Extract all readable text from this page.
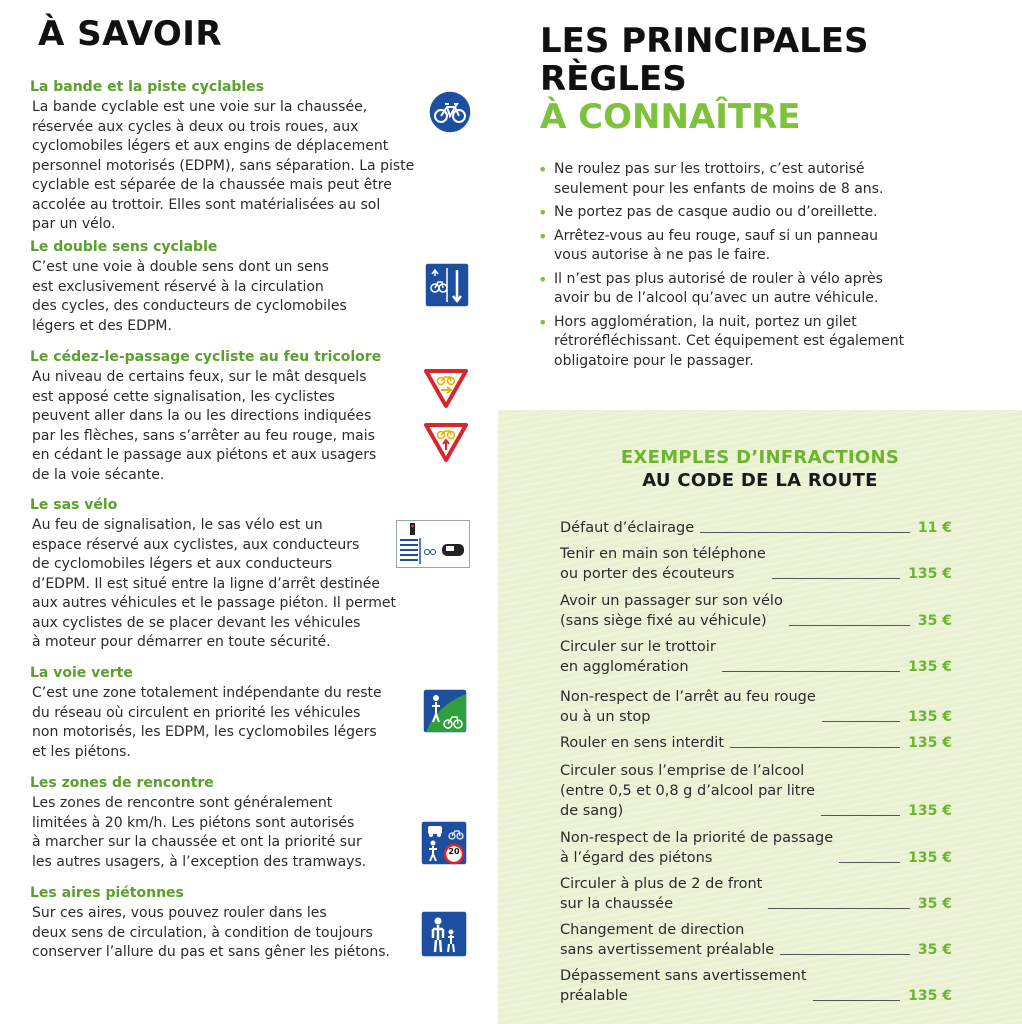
À SAVOIR
La bande et la piste cyclables
La bande cyclable est une voie sur la chaussée,
réservée aux cycles à deux ou trois roues, aux
cyclomobiles légers et aux engins de déplacement
personnel motorisés (EDPM), sans séparation. La piste
cyclable est séparée de la chaussée mais peut être
accolée au trottoir. Elles sont matérialisées au sol
par un vélo.
Le double sens cyclable
C’est une voie à double sens dont un sens
est exclusivement réservé à la circulation
des cycles, des conducteurs de cyclomobiles
légers et des EDPM.
Le cédez-le-passage cycliste au feu tricolore
Au niveau de certains feux, sur le mât desquels
est apposé cette signalisation, les cyclistes
peuvent aller dans la ou les directions indiquées
par les flèches, sans s’arrêter au feu rouge, mais
en cédant le passage aux piétons et aux usagers
de la voie sécante.
Le sas vélo
Au feu de signalisation, le sas vélo est un
espace réservé aux cyclistes, aux conducteurs
de cyclomobiles légers et aux conducteurs
d’EDPM. Il est situé entre la ligne d’arrêt destinée
aux autres véhicules et le passage piéton. Il permet
aux cyclistes de se placer devant les véhicules
à moteur pour démarrer en toute sécurité.
La voie verte
C’est une zone totalement indépendante du reste
du réseau où circulent en priorité les véhicules
non motorisés, les EDPM, les cyclomobiles légers
et les piétons.
Les zones de rencontre
Les zones de rencontre sont généralement
limitées à 20 km/h. Les piétons sont autorisés
à marcher sur la chaussée et ont la priorité sur
les autres usagers, à l’exception des tramways.
Les aires piétonnes
Sur ces aires, vous pouvez rouler dans les
deux sens de circulation, à condition de toujours
conserver l’allure du pas et sans gêner les piétons.
20
LES PRINCIPALES
RÈGLES
À CONNAÎTRE
• Ne roulez pas sur les trottoirs, c’est autorisé
seulement pour les enfants de moins de 8 ans.
• Ne portez pas de casque audio ou d’oreillette.
• Arrêtez-vous au feu rouge, sauf si un panneau
vous autorise à ne pas le faire.
• Il n’est pas plus autorisé de rouler à vélo après
avoir bu de l’alcool qu’avec un autre véhicule.
• Hors agglomération, la nuit, portez un gilet
rétroréfléchissant. Cet équipement est également
obligatoire pour le passager.
EXEMPLES D’INFRACTIONS
AU CODE DE LA ROUTE
Défaut d’éclairage	11 €
Tenir en main son téléphone
ou porter des écouteurs	135 €
Avoir un passager sur son vélo
(sans siège fixé au véhicule)	35 €
Circuler sur le trottoir
en agglomération	135 €
Non-respect de l’arrêt au feu rouge
ou à un stop	135 €
Rouler en sens interdit	135 €
Circuler sous l’emprise de l’alcool
(entre 0,5 et 0,8 g d’alcool par litre
de sang)	135 €
Non-respect de la priorité de passage
à l’égard des piétons	135 €
Circuler à plus de 2 de front
sur la chaussée	35 €
Changement de direction
sans avertissement préalable	35 €
Dépassement sans avertissement
préalable	135 €
